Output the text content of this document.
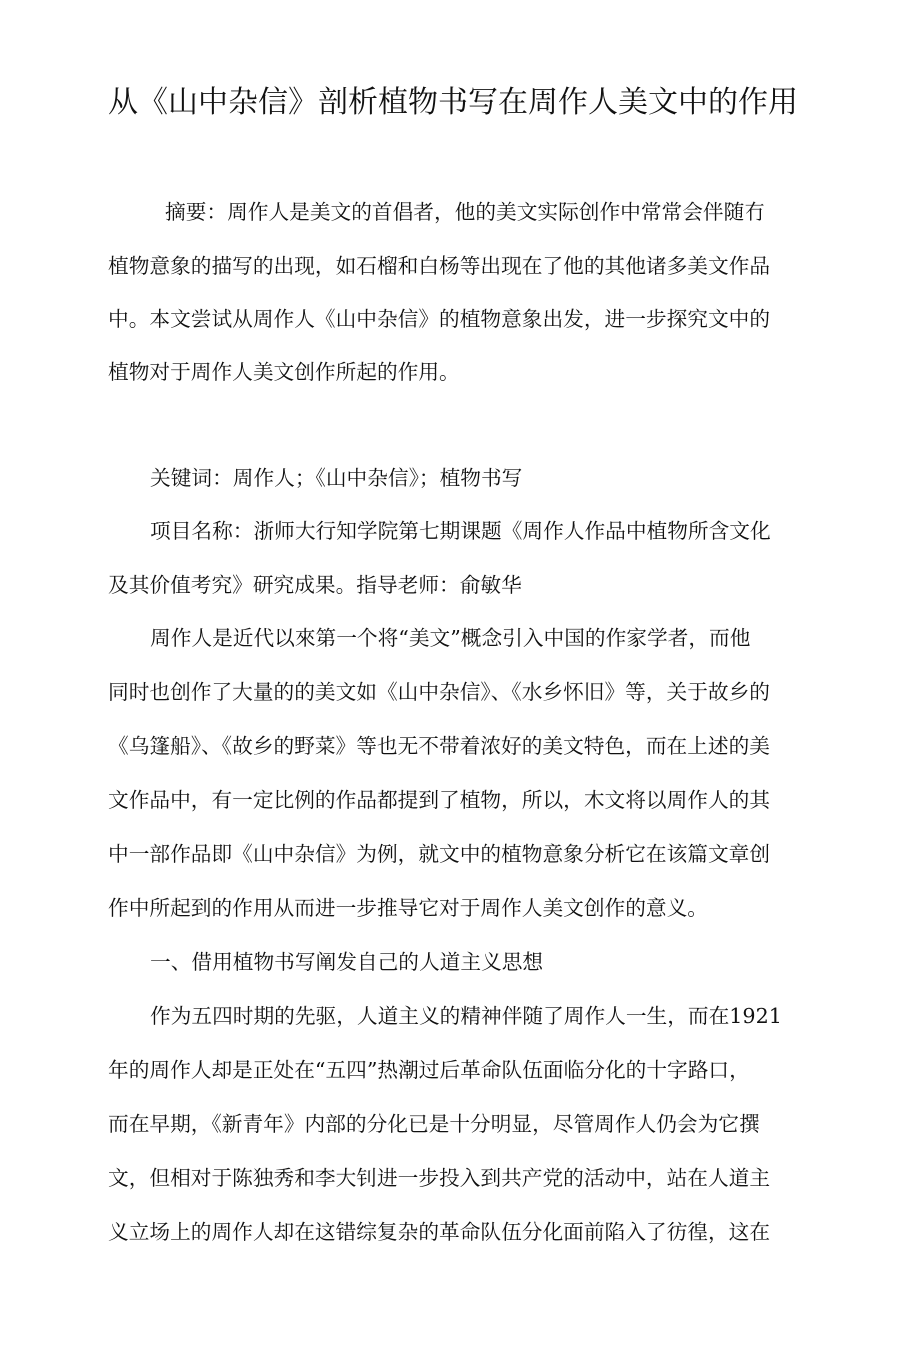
从《山中杂信》剖析植物书写在周作人美文中的作用
摘要：周作人是美文的首倡者，他的美文实际创作中常常会伴随冇
植物意象的描写的出现，如石榴和白杨等出现在了他的其他诸多美文作品
中。本文尝试从周作人《山中杂信》的植物意象出发，进一步探究文中的
植物对于周作人美文创作所起的作用。
关键词：周作人；《山中杂信》；植物书写
项目名称：浙师大行知学院第七期课题《周作人作品中植物所含文化
及其价值考究》研究成果。指导老师：俞敏华
周作人是近代以來第一个将“美文”概念引入中国的作家学者，而他
同时也创作了大量的的美文如《山中杂信》、《水乡怀旧》等，关于故乡的
《乌篷船》、《故乡的野菜》等也无不带着浓好的美文特色，而在上述的美
文作品中，有一定比例的作品都提到了植物，所以，木文将以周作人的其
中一部作品即《山中杂信》为例，就文中的植物意象分析它在该篇文章创
作中所起到的作用从而进一步推导它对于周作人美文创作的意义。
一、借用植物书写阐发自己的人道主义思想
作为五四时期的先驱，人道主义的精神伴随了周作人一生，而在1921
年的周作人却是正处在“五四”热潮过后革命队伍面临分化的十字路口，
而在早期，《新青年》内部的分化已是十分明显，尽管周作人仍会为它撰
文，但相对于陈独秀和李大钊进一步投入到共产党的活动中，站在人道主
义立场上的周作人却在这错综复杂的革命队伍分化面前陷入了彷徨，这在
